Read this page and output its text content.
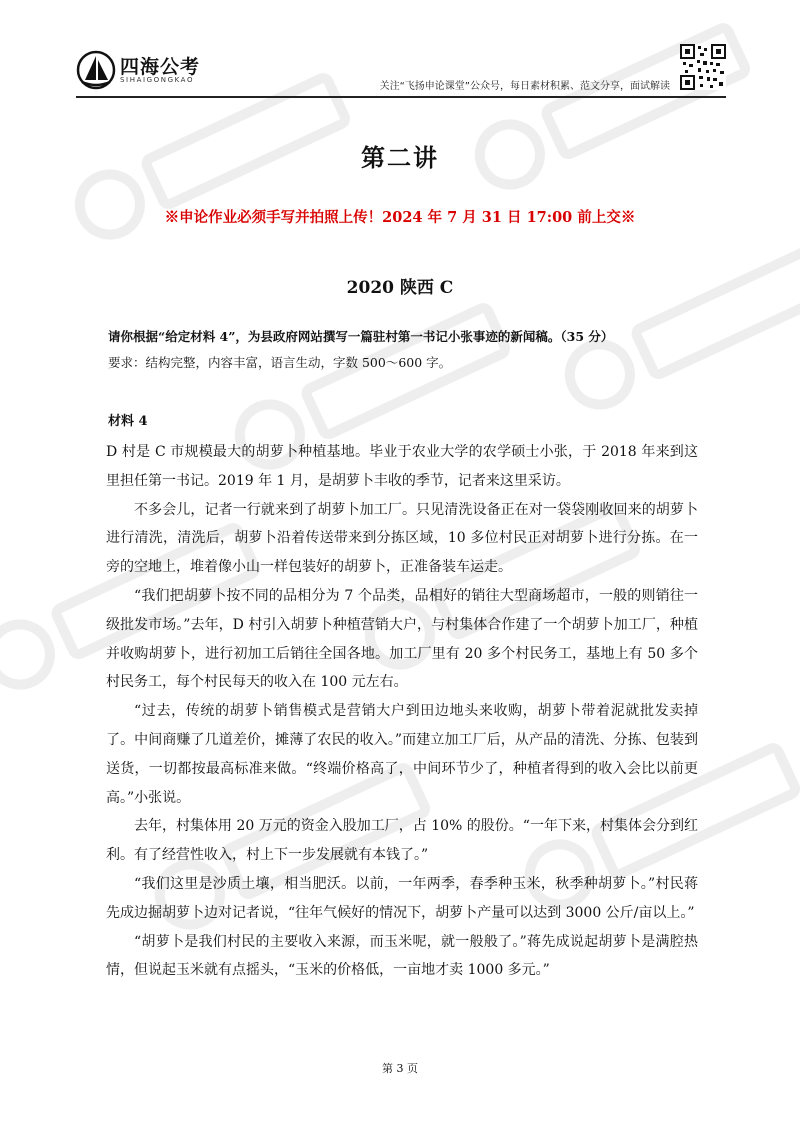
四海公考
SIHAIGONGKAO
关注“飞扬申论课堂”公众号，每日素材积累、范文分享，面试解读
第二讲
※申论作业必须手写并拍照上传！2024 年 7 月 31 日 17:00 前上交※
2020 陕西 C
请你根据“给定材料 4”，为县政府网站撰写一篇驻村第一书记小张事迹的新闻稿。（35 分）
要求：结构完整，内容丰富，语言生动，字数 500～600 字。
材料 4

D 村是 C 市规模最大的胡萝卜种植基地。毕业于农业大学的农学硕士小张，于 2018 年来到这里担任第一书记。2019 年 1 月，是胡萝卜丰收的季节，记者来这里采访。

不多会儿，记者一行就来到了胡萝卜加工厂。只见清洗设备正在对一袋袋刚收回来的胡萝卜进行清洗，清洗后，胡萝卜沿着传送带来到分拣区域，10 多位村民正对胡萝卜进行分拣。在一旁的空地上，堆着像小山一样包装好的胡萝卜，正准备装车运走。

“我们把胡萝卜按不同的品相分为 7 个品类，品相好的销往大型商场超市，一般的则销往一级批发市场。”去年，D 村引入胡萝卜种植营销大户，与村集体合作建了一个胡萝卜加工厂，种植并收购胡萝卜，进行初加工后销往全国各地。加工厂里有 20 多个村民务工，基地上有 50 多个村民务工，每个村民每天的收入在 100 元左右。

“过去，传统的胡萝卜销售模式是营销大户到田边地头来收购，胡萝卜带着泥就批发卖掉了。中间商赚了几道差价，摊薄了农民的收入。”而建立加工厂后，从产品的清洗、分拣、包装到送货，一切都按最高标准来做。“终端价格高了，中间环节少了，种植者得到的收入会比以前更高。”小张说。

去年，村集体用 20 万元的资金入股加工厂，占 10% 的股份。“一年下来，村集体会分到红利。有了经营性收入，村上下一步发展就有本钱了。”

“我们这里是沙质土壤，相当肥沃。以前，一年两季，春季种玉米，秋季种胡萝卜。”村民蒋先成边掘胡萝卜边对记者说，“往年气候好的情况下，胡萝卜产量可以达到 3000 公斤/亩以上。”

“胡萝卜是我们村民的主要收入来源，而玉米呢，就一般般了。”蒋先成说起胡萝卜是满腔热情，但说起玉米就有点摇头，“玉米的价格低，一亩地才卖 1000 多元。”

第 3 页
